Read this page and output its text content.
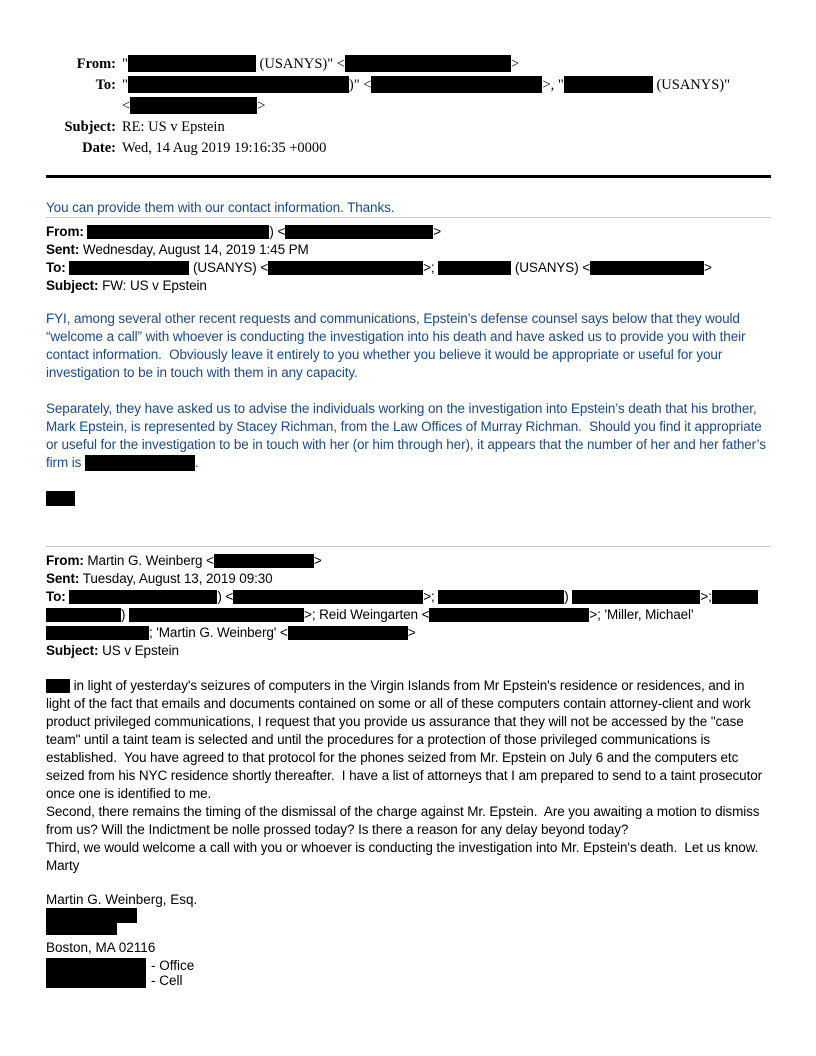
From: "	(USANYS)" <	>
To: "	)" <	>, "	(USANYS)"
<	>
Subject: RE: US v Epstein
Date: Wed, 14 Aug 2019 19:16:35 +0000
You can provide them with our contact information. Thanks.
From:	) <	>
Sent: Wednesday, August 14, 2019 1:45 PM
To:	(USANYS) <	>;	(USANYS) <	>
Subject: FW: US v Epstein
FYI, among several other recent requests and communications, Epstein’s defense counsel says below that they would “welcome a call” with whoever is conducting the investigation into his death and have asked us to provide you with their contact information.  Obviously leave it entirely to you whether you believe it would be appropriate or useful for your investigation to be in touch with them in any capacity.
Separately, they have asked us to advise the individuals working on the investigation into Epstein’s death that his brother, Mark Epstein, is represented by Stacey Richman, from the Law Offices of Murray Richman.  Should you find it appropriate or useful for the investigation to be in touch with her (or him through her), it appears that the number of her and her father’s firm is	.
From: Martin G. Weinberg <	>
Sent: Tuesday, August 13, 2019 09:30
To:	) <	>;	)	>;
)	>; Reid Weingarten <	>; 'Miller, Michael'
; 'Martin G. Weinberg' <	>
Subject: US v Epstein
in light of yesterday's seizures of computers in the Virgin Islands from Mr Epstein's residence or residences, and in light of the fact that emails and documents contained on some or all of these computers contain attorney-client and work product privileged communications, I request that you provide us assurance that they will not be accessed by the "case team" until a taint team is selected and until the procedures for a protection of those privileged communications is established.  You have agreed to that protocol for the phones seized from Mr. Epstein on July 6 and the computers etc seized from his NYC residence shortly thereafter.  I have a list of attorneys that I am prepared to send to a taint prosecutor once one is identified to me.
Second, there remains the timing of the dismissal of the charge against Mr. Epstein.  Are you awaiting a motion to dismiss from us? Will the Indictment be nolle prossed today? Is there a reason for any delay beyond today?
Third, we would welcome a call with you or whoever is conducting the investigation into Mr. Epstein's death.  Let us know.
Marty
Martin G. Weinberg, Esq.
Boston, MA 02116
- Office
- Cell
